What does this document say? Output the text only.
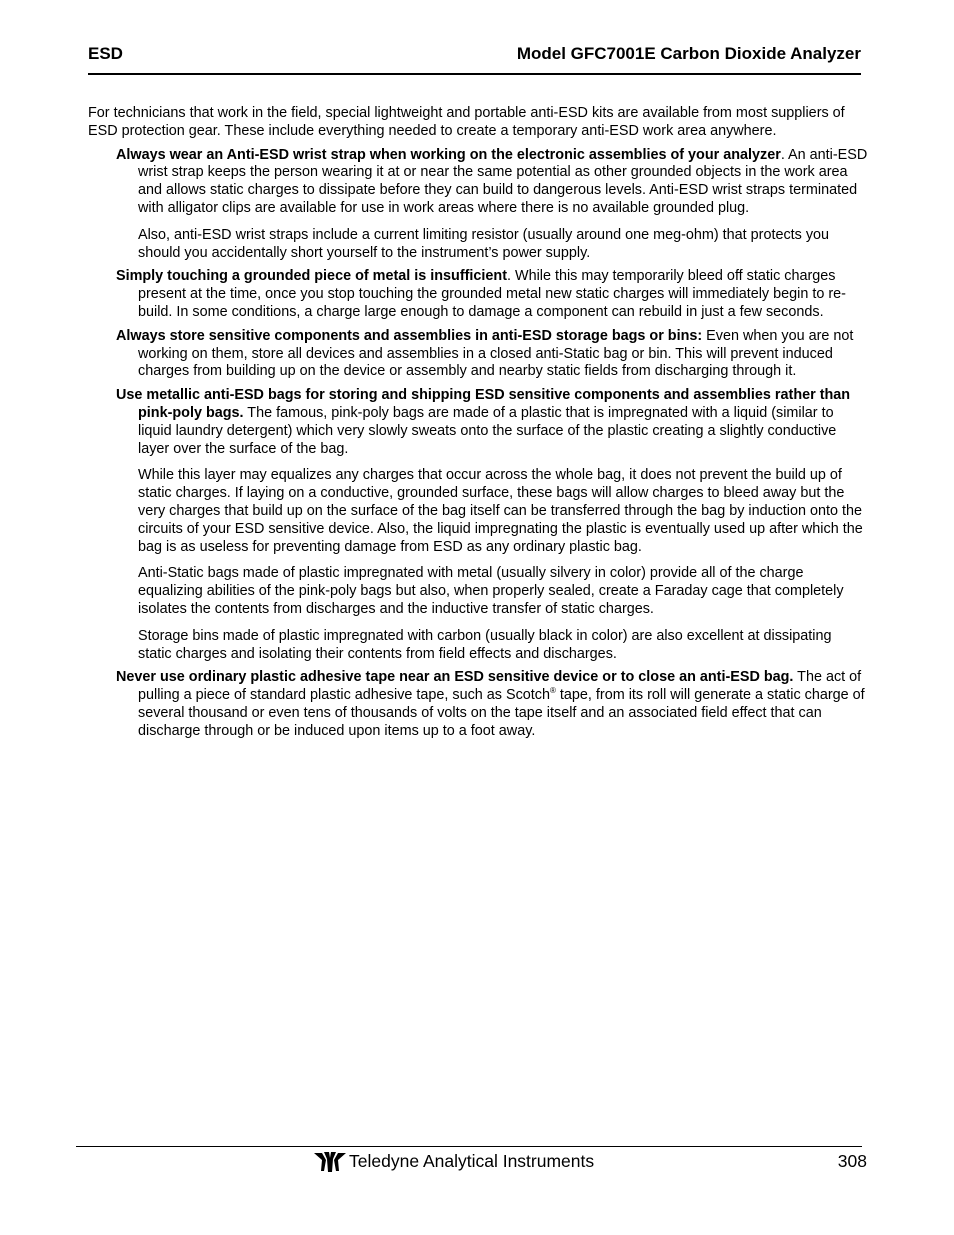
ESD	Model GFC7001E Carbon Dioxide Analyzer

For technicians that work in the field, special lightweight and portable anti-ESD kits are available from most suppliers of ESD protection gear. These include everything needed to create a temporary anti-ESD work area anywhere.

Always wear an Anti-ESD wrist strap when working on the electronic assemblies of your analyzer. An anti-ESD wrist strap keeps the person wearing it at or near the same potential as other grounded objects in the work area and allows static charges to dissipate before they can build to dangerous levels. Anti-ESD wrist straps terminated with alligator clips are available for use in work areas where there is no available grounded plug.

Also, anti-ESD wrist straps include a current limiting resistor (usually around one meg-ohm) that protects you should you accidentally short yourself to the instrument’s power supply.

Simply touching a grounded piece of metal is insufficient. While this may temporarily bleed off static charges present at the time, once you stop touching the grounded metal new static charges will immediately begin to re-build. In some conditions, a charge large enough to damage a component can rebuild in just a few seconds.

Always store sensitive components and assemblies in anti-ESD storage bags or bins: Even when you are not working on them, store all devices and assemblies in a closed anti-Static bag or bin. This will prevent induced charges from building up on the device or assembly and nearby static fields from discharging through it.

Use metallic anti-ESD bags for storing and shipping ESD sensitive components and assemblies rather than pink-poly bags. The famous, pink-poly bags are made of a plastic that is impregnated with a liquid (similar to liquid laundry detergent) which very slowly sweats onto the surface of the plastic creating a slightly conductive layer over the surface of the bag.

While this layer may equalizes any charges that occur across the whole bag, it does not prevent the build up of static charges. If laying on a conductive, grounded surface, these bags will allow charges to bleed away but the very charges that build up on the surface of the bag itself can be transferred through the bag by induction onto the circuits of your ESD sensitive device. Also, the liquid impregnating the plastic is eventually used up after which the bag is as useless for preventing damage from ESD as any ordinary plastic bag.

Anti-Static bags made of plastic impregnated with metal (usually silvery in color) provide all of the charge equalizing abilities of the pink-poly bags but also, when properly sealed, create a Faraday cage that completely isolates the contents from discharges and the inductive transfer of static charges.

Storage bins made of plastic impregnated with carbon (usually black in color) are also excellent at dissipating static charges and isolating their contents from field effects and discharges.

Never use ordinary plastic adhesive tape near an ESD sensitive device or to close an anti-ESD bag. The act of pulling a piece of standard plastic adhesive tape, such as Scotch® tape, from its roll will generate a static charge of several thousand or even tens of thousands of volts on the tape itself and an associated field effect that can discharge through or be induced upon items up to a foot away.

Teledyne Analytical Instruments	308
